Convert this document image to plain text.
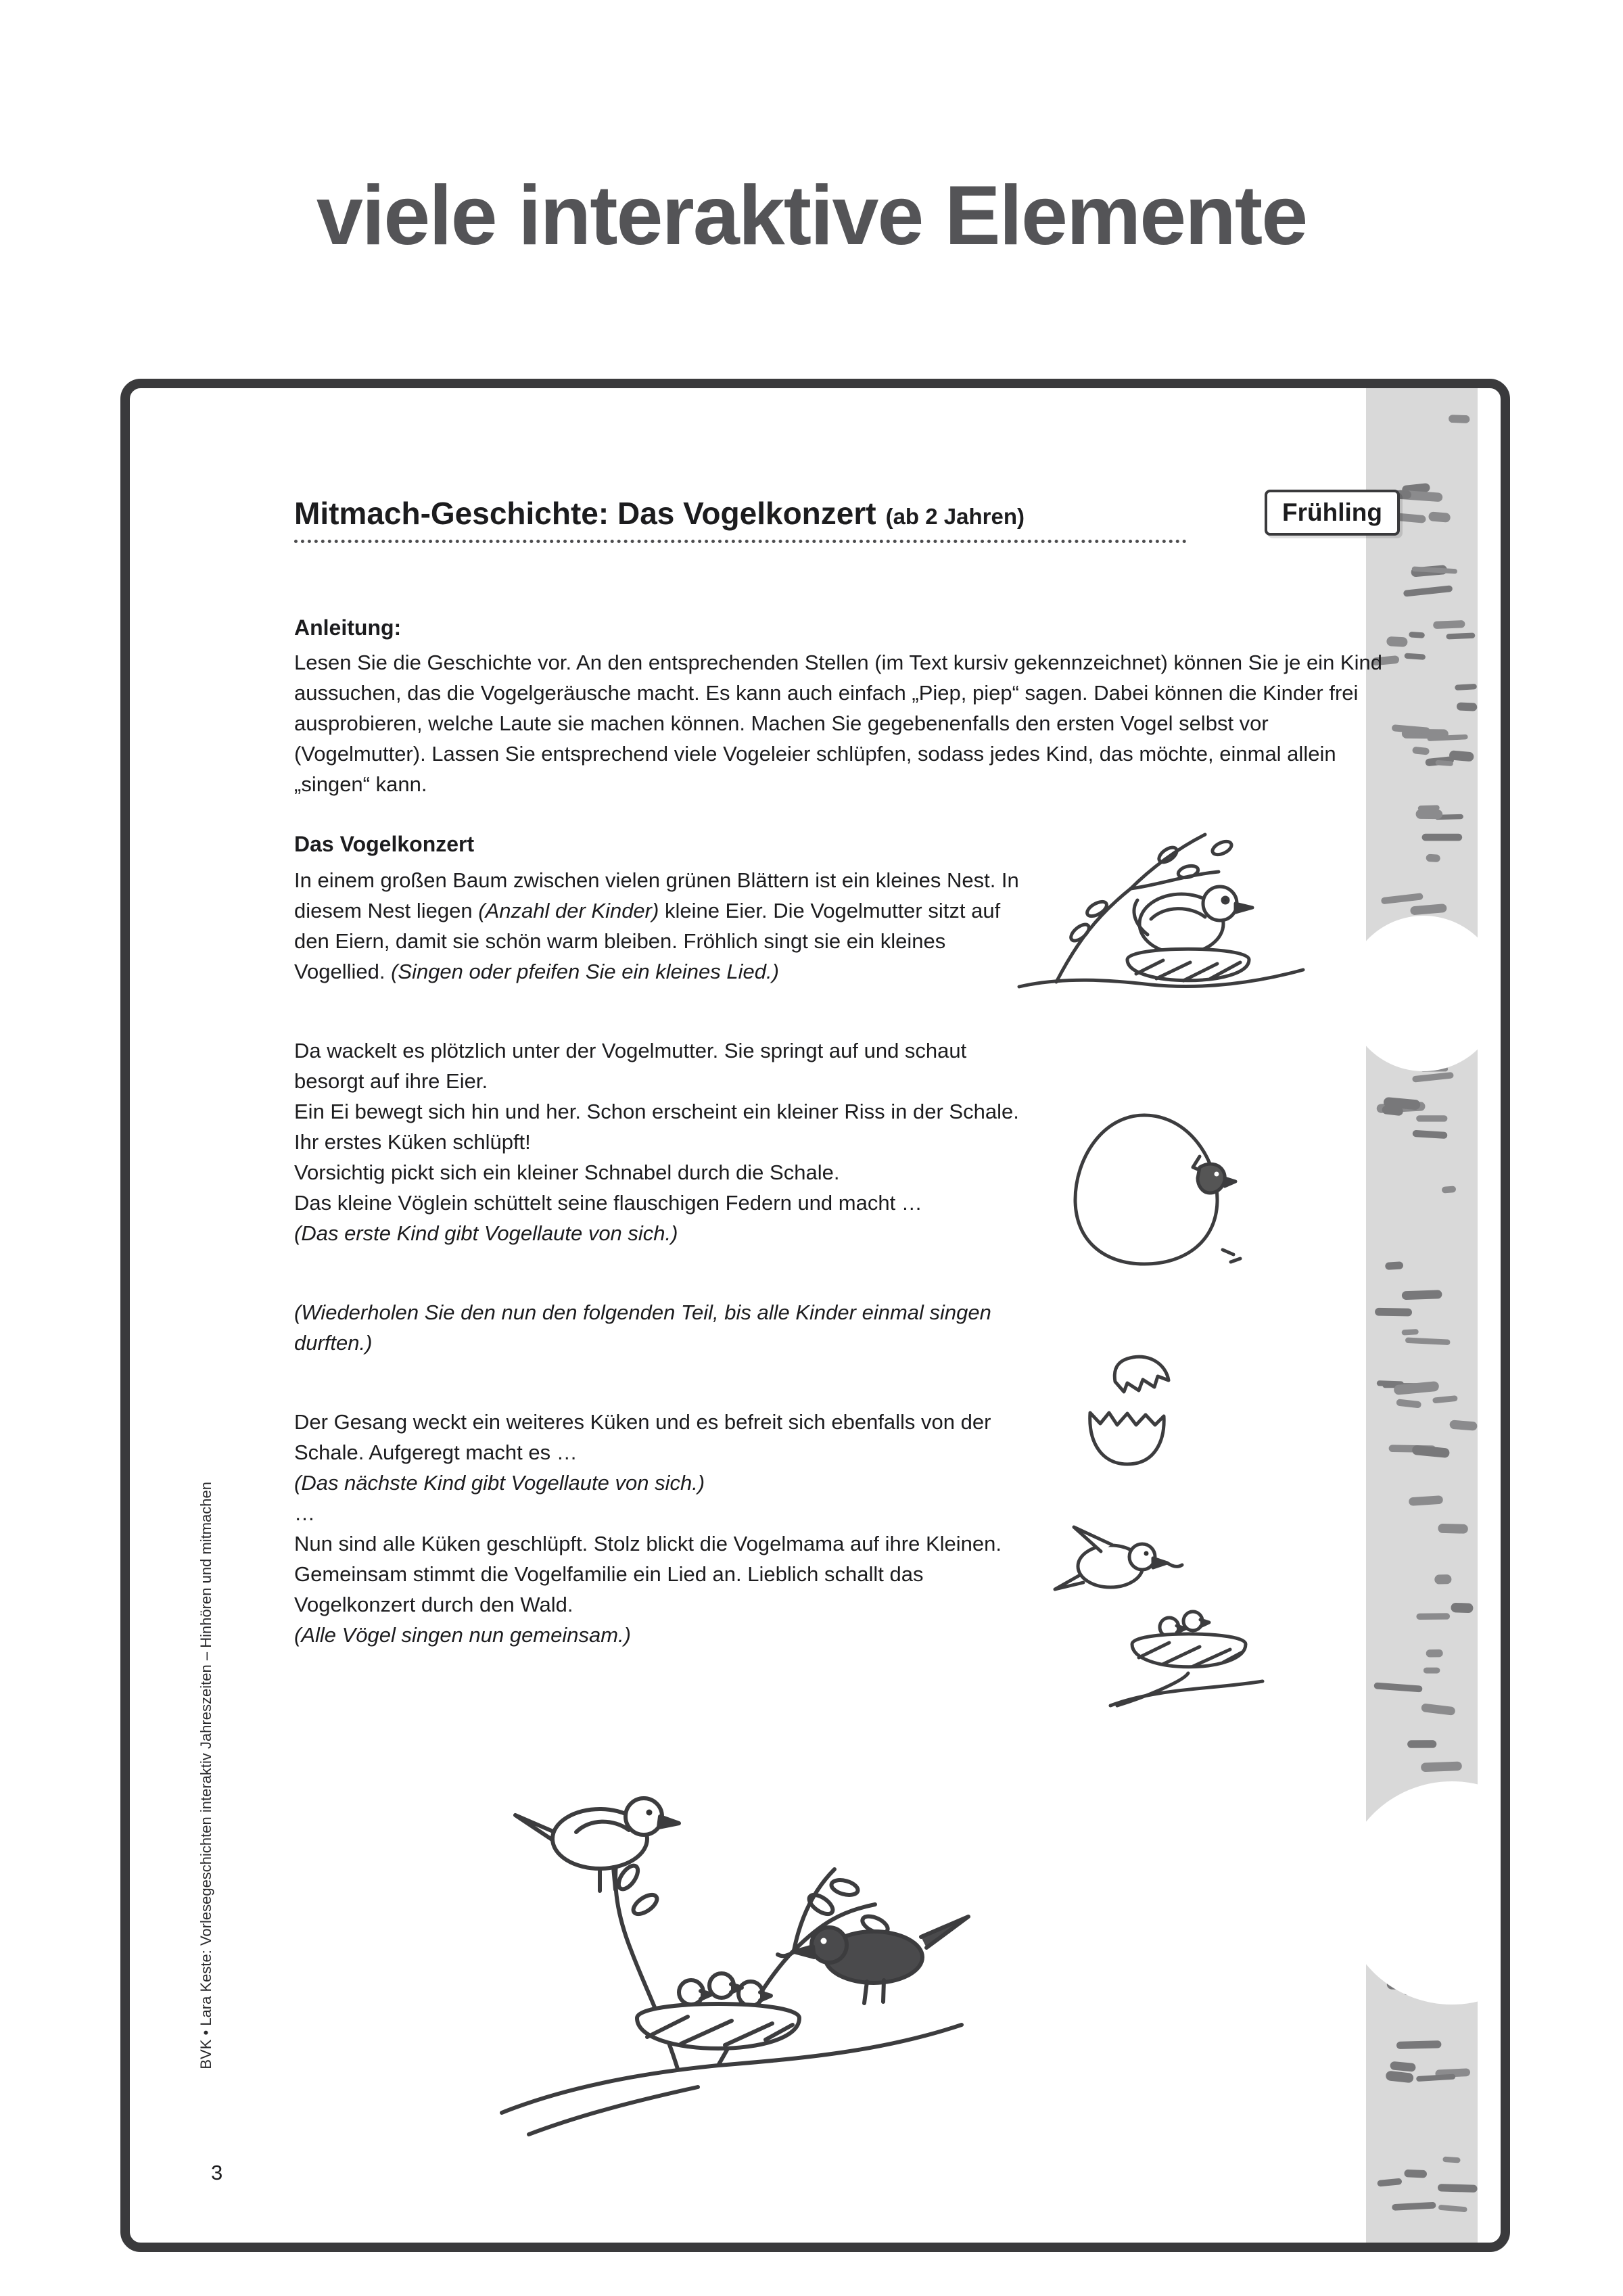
viele interaktive Elemente
Mitmach-Geschichte: Das Vogelkonzert (ab 2 Jahren)	Frühling
Anleitung:

Lesen Sie die Geschichte vor. An den entsprechenden Stellen (im Text kursiv gekennzeichnet) können Sie je ein Kind aussuchen, das die Vogelgeräusche macht. Es kann auch einfach „Piep, piep“ sagen. Dabei können die Kinder frei ausprobieren, welche Laute sie machen können. Machen Sie gegebenenfalls den ersten Vogel selbst vor (Vogelmutter). Lassen Sie entsprechend viele Vogeleier schlüpfen, sodass jedes Kind, das möchte, einmal allein „singen“ kann.

Das Vogelkonzert

In einem großen Baum zwischen vielen grünen Blättern ist ein kleines Nest. In diesem Nest liegen (Anzahl der Kinder) kleine Eier. Die Vogelmutter sitzt auf den Eiern, damit sie schön warm bleiben. Fröhlich singt sie ein kleines Vogellied. (Singen oder pfeifen Sie ein kleines Lied.)

Da wackelt es plötzlich unter der Vogelmutter. Sie springt auf und schaut besorgt auf ihre Eier.
Ein Ei bewegt sich hin und her. Schon erscheint ein kleiner Riss in der Schale. Ihr erstes Küken schlüpft!
Vorsichtig pickt sich ein kleiner Schnabel durch die Schale.
Das kleine Vöglein schüttelt seine flauschigen Federn und macht …
(Das erste Kind gibt Vogellaute von sich.)

(Wiederholen Sie den nun den folgenden Teil, bis alle Kinder einmal singen durften.)

Der Gesang weckt ein weiteres Küken und es befreit sich ebenfalls von der Schale. Aufgeregt macht es …
(Das nächste Kind gibt Vogellaute von sich.)
…
Nun sind alle Küken geschlüpft. Stolz blickt die Vogelmama auf ihre Kleinen. Gemeinsam stimmt die Vogelfamilie ein Lied an. Lieblich schallt das Vogelkonzert durch den Wald.
(Alle Vögel singen nun gemeinsam.)

BVK • Lara Keste: Vorlesegeschichten interaktiv Jahreszeiten – Hinhören und mitmachen
3
